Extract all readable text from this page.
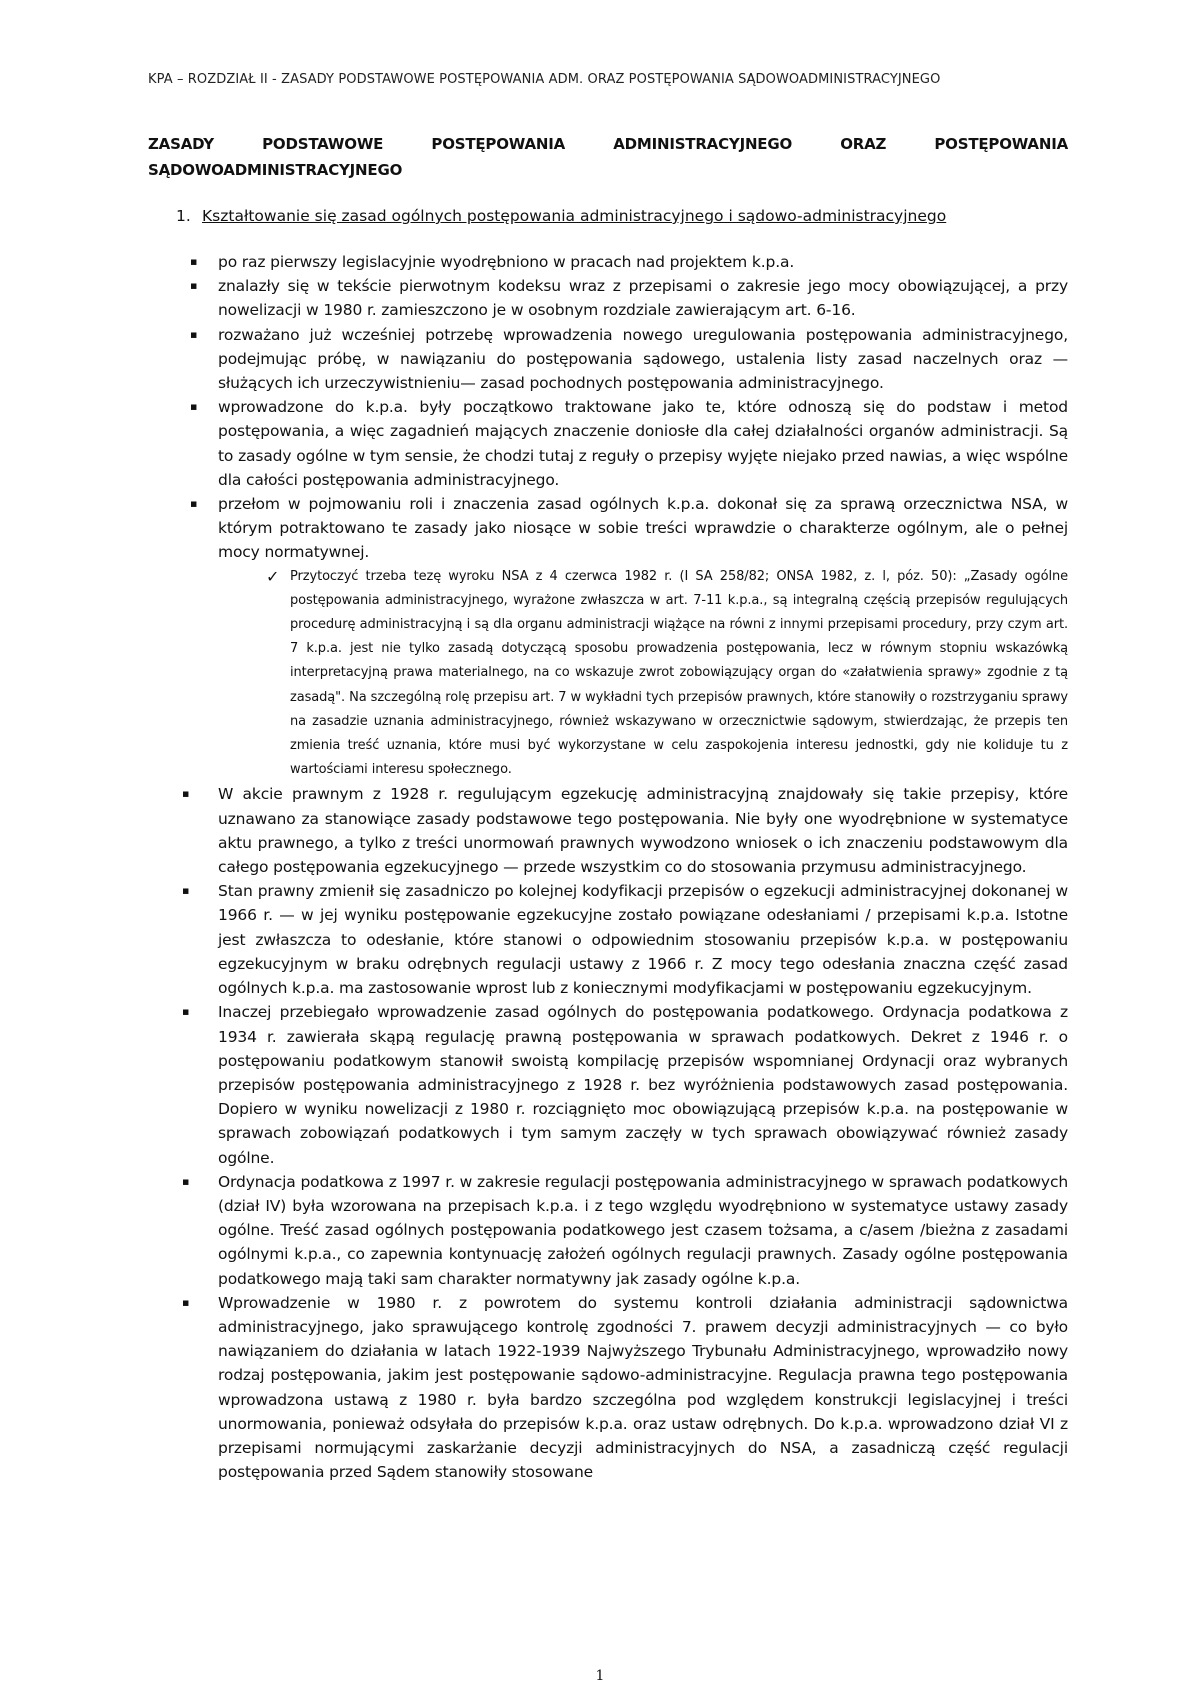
KPA – ROZDZIAŁ II - ZASADY PODSTAWOWE POSTĘPOWANIA ADM. ORAZ POSTĘPOWANIA SĄDOWOADMINISTRACYJNEGO
ZASADY PODSTAWOWE POSTĘPOWANIA ADMINISTRACYJNEGO ORAZ POSTĘPOWANIA SĄDOWOADMINISTRACYJNEGO
1. Kształtowanie się zasad ogólnych postępowania administracyjnego i sądowo-administracyjnego
▪ po raz pierwszy legislacyjnie wyodrębniono w pracach nad projektem k.p.a.
▪ znalazły się w tekście pierwotnym kodeksu wraz z przepisami o zakresie jego mocy obowiązującej, a przy nowelizacji w 1980 r. zamieszczono je w osobnym rozdziale zawierającym art. 6-16.
▪ rozważano już wcześniej potrzebę wprowadzenia nowego uregulowania postępowania administracyjnego, podejmując próbę, w nawiązaniu do postępowania sądowego, ustalenia listy zasad naczelnych oraz — służących ich urzeczywistnieniu— zasad pochodnych postępowania administracyjnego.
▪ wprowadzone do k.p.a. były początkowo traktowane jako te, które odnoszą się do podstaw i metod postępowania, a więc zagadnień mających znaczenie doniosłe dla całej działalności organów administracji. Są to zasady ogólne w tym sensie, że chodzi tutaj z reguły o przepisy wyjęte niejako przed nawias, a więc wspólne dla całości postępowania administracyjnego.
▪ przełom w pojmowaniu roli i znaczenia zasad ogólnych k.p.a. dokonał się za sprawą orzecznictwa NSA, w którym potraktowano te zasady jako niosące w sobie treści wprawdzie o charakterze ogólnym, ale o pełnej mocy normatywnej.
✓ Przytoczyć trzeba tezę wyroku NSA z 4 czerwca 1982 r. (I SA 258/82; ONSA 1982, z. l, póz. 50): „Zasady ogólne postępowania administracyjnego, wyrażone zwłaszcza w art. 7-11 k.p.a., są integralną częścią przepisów regulujących procedurę administracyjną i są dla organu administracji wiążące na równi z innymi przepisami procedury, przy czym art. 7 k.p.a. jest nie tylko zasadą dotyczącą sposobu prowadzenia postępowania, lecz w równym stopniu wskazówką interpretacyjną prawa materialnego, na co wskazuje zwrot zobowiązujący organ do «załatwienia sprawy» zgodnie z tą zasadą". Na szczególną rolę przepisu art. 7 w wykładni tych przepisów prawnych, które stanowiły o rozstrzyganiu sprawy na zasadzie uznania administracyjnego, również wskazywano w orzecznictwie sądowym, stwierdzając, że przepis ten zmienia treść uznania, które musi być wykorzystane w celu zaspokojenia interesu jednostki, gdy nie koliduje tu z wartościami interesu społecznego.
▪ W akcie prawnym z 1928 r. regulującym egzekucję administracyjną znajdowały się takie przepisy, które uznawano za stanowiące zasady podstawowe tego postępowania. Nie były one wyodrębnione w systematyce aktu prawnego, a tylko z treści unormowań prawnych wywodzono wniosek o ich znaczeniu podstawowym dla całego postępowania egzekucyjnego — przede wszystkim co do stosowania przymusu administracyjnego.
▪ Stan prawny zmienił się zasadniczo po kolejnej kodyfikacji przepisów o egzekucji administracyjnej dokonanej w 1966 r. — w jej wyniku postępowanie egzekucyjne zostało powiązane odesłaniami / przepisami k.p.a. Istotne jest zwłaszcza to odesłanie, które stanowi o odpowiednim stosowaniu przepisów k.p.a. w postępowaniu egzekucyjnym w braku odrębnych regulacji ustawy z 1966 r. Z mocy tego odesłania znaczna część zasad ogólnych k.p.a. ma zastosowanie wprost lub z koniecznymi modyfikacjami w postępowaniu egzekucyjnym.
▪ Inaczej przebiegało wprowadzenie zasad ogólnych do postępowania podatkowego. Ordynacja podatkowa z 1934 r. zawierała skąpą regulację prawną postępowania w sprawach podatkowych. Dekret z 1946 r. o postępowaniu podatkowym stanowił swoistą kompilację przepisów wspomnianej Ordynacji oraz wybranych przepisów postępowania administracyjnego z 1928 r. bez wyróżnienia podstawowych zasad postępowania. Dopiero w wyniku nowelizacji z 1980 r. rozciągnięto moc obowiązującą przepisów k.p.a. na postępowanie w sprawach zobowiązań podatkowych i tym samym zaczęły w tych sprawach obowiązywać również zasady ogólne.
▪ Ordynacja podatkowa z 1997 r. w zakresie regulacji postępowania administracyjnego w sprawach podatkowych (dział IV) była wzorowana na przepisach k.p.a. i z tego względu wyodrębniono w systematyce ustawy zasady ogólne. Treść zasad ogólnych postępowania podatkowego jest czasem tożsama, a c/asem /bieżna z zasadami ogólnymi k.p.a., co zapewnia kontynuację założeń ogólnych regulacji prawnych. Zasady ogólne postępowania podatkowego mają taki sam charakter normatywny jak zasady ogólne k.p.a.
▪ Wprowadzenie w 1980 r. z powrotem do systemu kontroli działania administracji sądownictwa administracyjnego, jako sprawującego kontrolę zgodności 7. prawem decyzji administracyjnych — co było nawiązaniem do działania w latach 1922-1939 Najwyższego Trybunału Administracyjnego, wprowadziło nowy rodzaj postępowania, jakim jest postępowanie sądowo-administracyjne. Regulacja prawna tego postępowania wprowadzona ustawą z 1980 r. była bardzo szczególna pod względem konstrukcji legislacyjnej i treści unormowania, ponieważ odsyłała do przepisów k.p.a. oraz ustaw odrębnych. Do k.p.a. wprowadzono dział VI z przepisami normującymi zaskarżanie decyzji administracyjnych do NSA, a zasadniczą część regulacji postępowania przed Sądem stanowiły stosowane
1
